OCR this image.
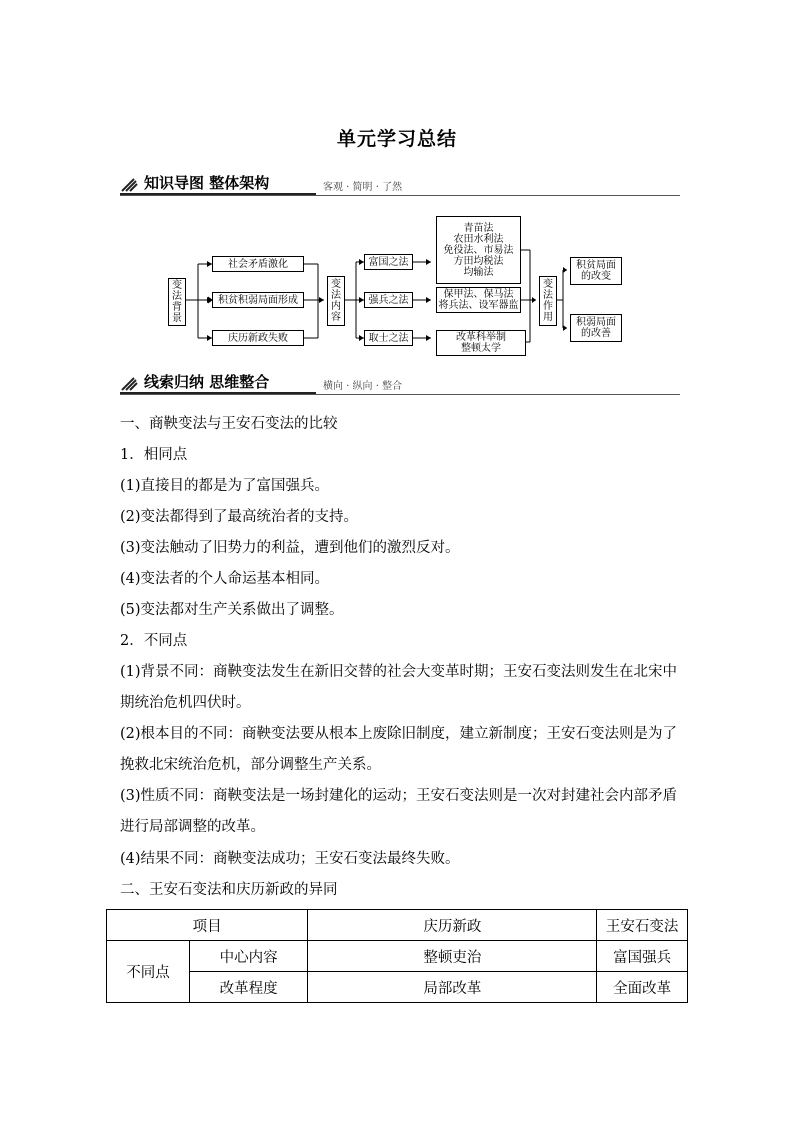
单元学习总结
知识导图 整体架构	客观 · 简明 · 了然
变
法
背
景
社会矛盾激化
积贫积弱局面形成
庆历新政失败
变
法
内
容
富国之法
强兵之法
取士之法
青苗法
农田水利法
免役法、市易法
方田均税法
均输法
保甲法、保马法
将兵法、设军器监
改革科举制
整顿太学
变
法
作
用
积贫局面
的改变
积弱局面
的改善
线索归纳 思维整合	横向 · 纵向 · 整合
一、商鞅变法与王安石变法的比较
1．相同点
(1)直接目的都是为了富国强兵。
(2)变法都得到了最高统治者的支持。
(3)变法触动了旧势力的利益，遭到他们的激烈反对。
(4)变法者的个人命运基本相同。
(5)变法都对生产关系做出了调整。
2．不同点
(1)背景不同：商鞅变法发生在新旧交替的社会大变革时期；王安石变法则发生在北宋中期统治危机四伏时。
(2)根本目的不同：商鞅变法要从根本上废除旧制度，建立新制度；王安石变法则是为了挽救北宋统治危机，部分调整生产关系。
(3)性质不同：商鞅变法是一场封建化的运动；王安石变法则是一次对封建社会内部矛盾进行局部调整的改革。
(4)结果不同：商鞅变法成功；王安石变法最终失败。
二、王安石变法和庆历新政的异同
项目		庆历新政	王安石变法
不同点	中心内容	整顿吏治	富国强兵
	改革程度	局部改革	全面改革
